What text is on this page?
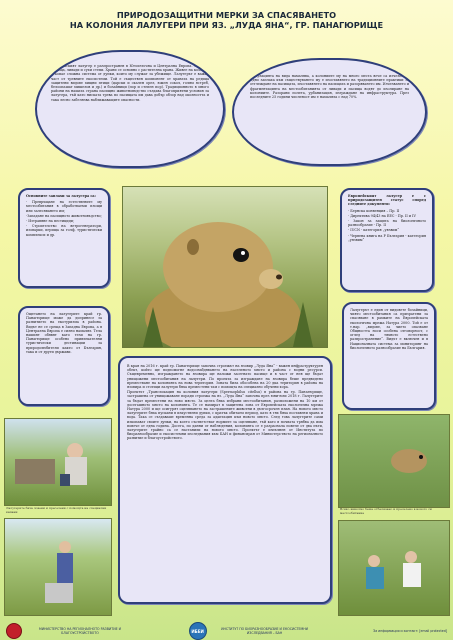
ПРИРОДОЗАЩИТНИ МЕРКИ ЗА СПАСЯВАНЕТО
НА КОЛОНИЯ ЛАЛУГЕРИ ПРИ ЯЗ. „ЛУДА ЯНА“, ГР. ПАНАГЮРИЩЕ

Европейският лалугер е разпространен в Югоизточна и Централна Европа. Обитава пасища, ливади и сухи степи. Храни се основно с растителна храна. Живее на колонии и копае сложна система от дупки, които му служат за убежище. Лалугерът е важна част от тревните екосистеми. Той е съществен компонент от храната на редица защитени видове хищни птици (царски и скален орел, южен сокол, голям ястреб, белоопашат мишелов и др.) и бозайници (пор и степен пор). Традиционното в много райони на нашата страна пасищно животновъдство създава благоприятни условия за лалугера, тъй като ниската трева по пасищата им дава добър обзор над околността и така лесно забелязва наближаващите опасности.

Популацията на вида намалява, а колониите му на много места вече са изчезнали. Едно заплаха към съществуването му е изоставянето на традиционните практики за отглеждане на пасищата, изоставянето на пасищата и разоряването им. Изчезването и фрагментацията на местообитанията от ливади и пасища водят до изолиране на колониите. Разорани полета, урбанизация, изграждане на инфраструктура. През последните 25 години численост им е намаляла с над 70%.

Основните заплахи за лалугера са:

- Превръщане на естествените му местообитания в обработваеми площи или залесяването им;

-Западане на пасищното животновъдство;

- Изтравяне на пестициди;

- Строителство на ветрогенератори, изоварки, игрища за голф, туристически комплекси и др.

Европейският лалугер е с природозащитен статус според следните документи:

- Бернска конвенция – Пр. II

- Директива 94/43 на ЕЕС - Пр. II и IV

- Закон за защита на биологичното разнообразие - Пр. II

- IUCN - категория „уязвим“

- Червена книга на Р България - категория „уязвим“

Ощетането на лалугерите край гр. Панагюрище може да допринесе за развитието на екотуризма в района. Видът не се среща в Западна Европа, а в Централна Европа е силно намалял. Тела нашият обявят като тези на гр. Панагюрище особено привлекателни туристически дестинации за природолюбители както от България, така и от други държави.

Лалугерът е един от видовете бозайници, чиято местообитания са призратени за спасяване в рамките на Европейската екологична мрежа Натура 2000. Той е от т.нар. „видове, за чието опазване Общността носи особена отговорност, с оглед на тяхното естествено разпространение“. Видът е включен и в Националната система за мониторинг на биологичното разнообразие на България.

В края на 2016 г. край гр. Панагюрище започна строежът на язовир „Луда Яна“ - важен инфраструктурен обект, който ще подпомогне водоснабдяването на населеното място и района с водни ресурси. Същевременно, изграждането на язовира ще наложи засегнато пасище и в част от нея ще бъдат унищожени местообитания на лалугери. По проекта за изграждане на язовира беше предвидено преместване на колонията на нова територия. Зоната била обособена на 20 дка територия в района на язовира и стотици лалугери бяха преместени там с помощта на специално обучени хора.

Проектът „Транслокация на колония лалугери (Spermophilus citellus) в района на гр. Панагюрище, застрашена от унищожаване поради строежа на яз. „Луда Яна“ започна през юни-юли 2018 г. Лалугерите за бъдат преместени на ново място. За целта бяха избрани местообитания, разположени на 10 км от досегашното място на колонията. Те се намират в защитена зона от Европейската екологична мрежа Натура 2000 и ще осигурят оцеляването на застрашените животни в дългосрочен план. На новото място лалугерите бяха пускани в изкуствени дупки, с кратък обитаем период, като в тях бяха поставени храна и вода. Така се създаваше временна среда за адаптация към новото място. След това лалугерите сами изкопават своите дупки, на което съответстват нормите за оцеляване, тъй като в почвата трябва да има повече от една година. Досега, по данни от наблюдения, колонията се е разраснала повече от два пъти, лалугерите трайно са се настанили на новото място. Проектът е изпълнен от Института по биоразнообразие и екосистемни изследвания към БАН и финансиран от Министерството на регионалното развитие и благоустройството.

Лалугерите бяха ловени и преселени с помощта на специални капани
Всяко животно беше отбелязано и преселено в новото си местообитание
МИНИСТЕРСТВО НА РЕГИОНАЛНОТО РАЗВИТИЕ И БЛАГОУСТРОЙСТВОТО	ИБЕИ	ИНСТИТУТ ПО БИОРАЗНООБРАЗИЕ И ЕКОСИСТЕМНИ ИЗСЛЕДВАНИЯ – БАН	За информация и контакт: [email protected]
